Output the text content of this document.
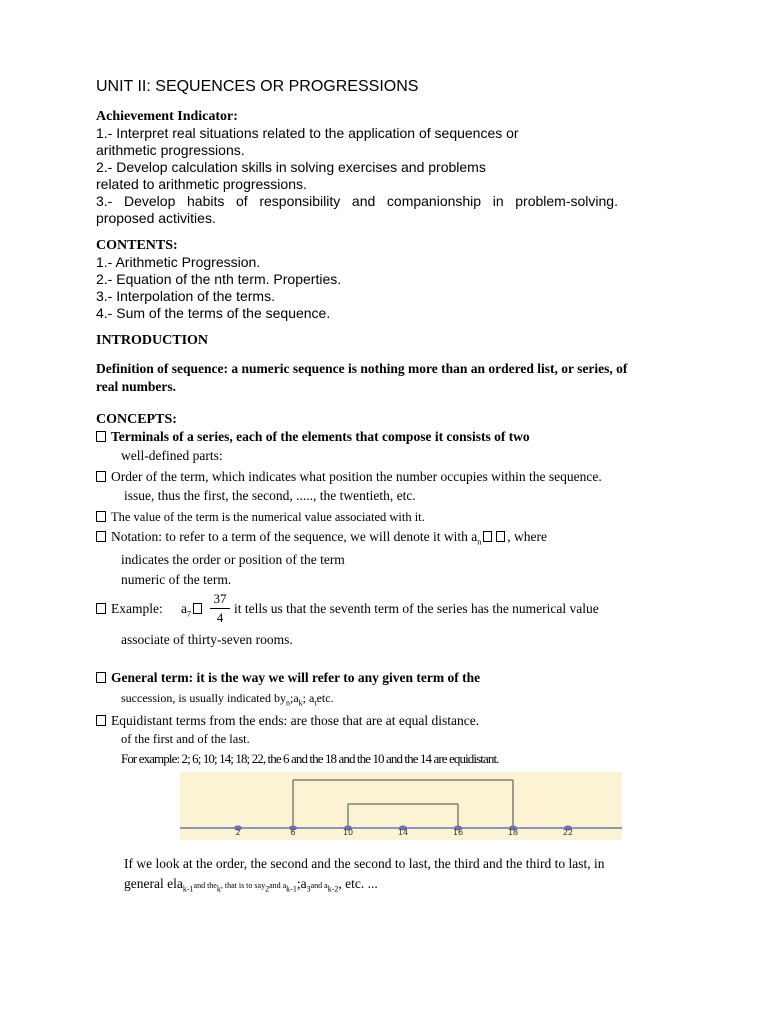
UNIT II: SEQUENCES OR PROGRESSIONS
Achievement Indicator:
1.- Interpret real situations related to the application of sequences or
arithmetic progressions.
2.- Develop calculation skills in solving exercises and problems
related to arithmetic progressions.
3.- Develop habits of responsibility and companionship in problem-solving.
proposed activities.
CONTENTS:
1.- Arithmetic Progression.
2.- Equation of the nth term. Properties.
3.- Interpolation of the terms.
4.- Sum of the terms of the sequence.
INTRODUCTION
Definition of sequence: a numeric sequence is nothing more than an ordered list, or series, of
real numbers.
CONCEPTS:
Terminals of a series, each of the elements that compose it consists of two
well-defined parts:
Order of the term, which indicates what position the number occupies within the sequence.
issue, thus the first, the second, ....., the twentieth, etc.
The value of the term is the numerical value associated with it.
Notation: to refer to a term of the sequence, we will denote it with $a_n$ , where
indicates the order or position of the term
numeric of the term.
Example: $a_7$
37
4
it tells us that the seventh term of the series has the numerical value
associate of thirty-seven rooms.
General term: it is the way we will refer to any given term of the
succession, is usually indicated $by_n;a_k$; $a_tetc$.
Equidistant terms from the ends: are those that are at equal distance.
of the first and of the last.
For example: 2; 6; 10; 14; 18; 22, the 6 and the 18 and the 10 and the 14 are equidistant.
2	6	10	14	16	18	22
If we look at the order, the second and the second to last, the third and the third to last, in
general ela$_{k-1}$and the$_k$, that is to say$_2$and $a_{k-1};a_3and$ $a_{k-2}$, etc. ...
